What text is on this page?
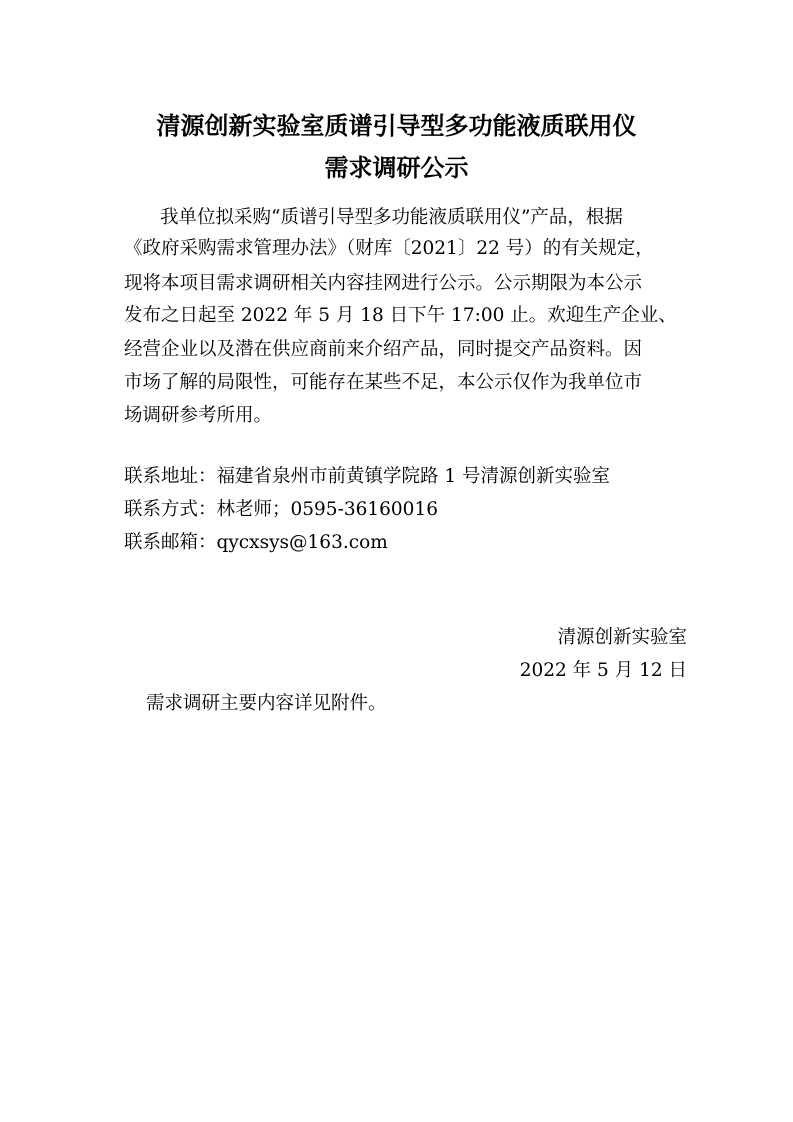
清源创新实验室质谱引导型多功能液质联用仪
需求调研公示
我单位拟采购“质谱引导型多功能液质联用仪”产品，根据
《政府采购需求管理办法》（财库〔2021〕22 号）的有关规定，
现将本项目需求调研相关内容挂网进行公示。公示期限为本公示
发布之日起至 2022 年 5 月 18 日下午 17:00 止。欢迎生产企业、
经营企业以及潜在供应商前来介绍产品，同时提交产品资料。因
市场了解的局限性，可能存在某些不足，本公示仅作为我单位市
场调研参考所用。
联系地址：福建省泉州市前黄镇学院路 1 号清源创新实验室
联系方式：林老师；0595-36160016
联系邮箱：qycxsys@163.com
清源创新实验室
2022 年 5 月 12 日
需求调研主要内容详见附件。
